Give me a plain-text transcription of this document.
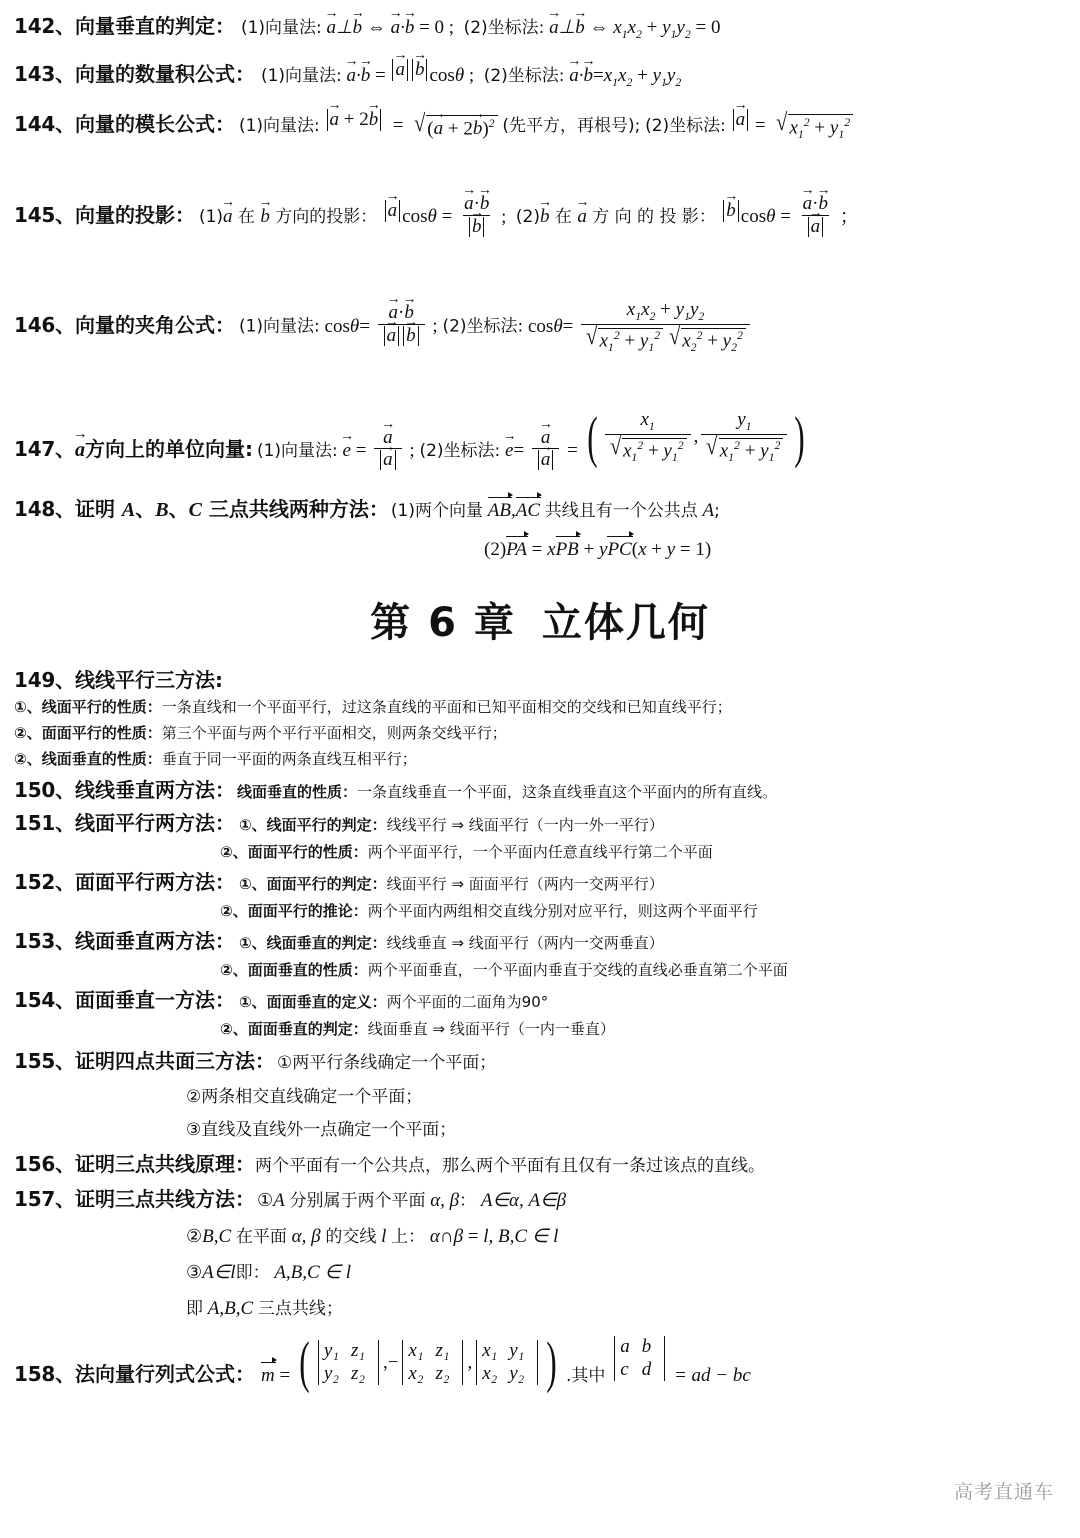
142、 向量垂直的判定： (1)向量法: a →⊥b → ⇔ a →·b → = 0 ;  (2)坐标法: a →⊥b → ⇔ $x_1x_2 + y_1y_2 = 0$
143、 向量的数量积公式： (1)向量法: a →·b → = a → b → cosθ ;  (2)坐标法: $a \to\cdot b \to=x_1x_2 + y_1y_2$
144、 向量的模长公式： (1)向量法: a → + 2 b → = √ (a → + 2b →)$^2$ (先平方，再根号); (2)坐标法: a → = √ $x_1^2 + y_1^2$
145、 向量的投影： (1)a → 在 b → 方向的投影： $a \to \cos\theta = \frac{a \to\cdot b \to}{b}$ → ;  (2)b → 在 a → 方 向 的 投 影： $b \to \cos\theta = \frac{a \to\cdot b \to}{a}$ → ；
146、 向量的夹角公式： (1)向量法: $\cos\theta= \frac{a \to\cdot b \to}{a \to b}$ → ; (2)坐标法: $\cos\theta= x_1x_2 + y_1y_2$
√ $x_1^2 + y_1^2$
√ $x_2^2 + y_2^2$
147、 a →方向上的单位向量: (1)向量法: e → = $\frac{a \to}{a}$ → ; (2)坐标法: $e \to= \frac{a \to}{a}$ → = ( $\frac{x_1}{√ x_1^2 + y_1^2}$ , $\frac{y_1}{√ x_1^2 + y_1^2}$
)
148、 证明 A、B、C 三点共线两种方法： (1)两个向量 AB,AC 共线且有一个公共点 A;
(2)PA = xPB + yPC(x + y = 1)
第 6 章 立体几何
149、 线线平行三方法:
①、 线面平行的性质： 一条直线和一个平面平行，过这条直线的平面和已知平面相交的交线和已知直线平行；
②、 面面平行的性质： 第三个平面与两个平行平面相交，则两条交线平行；
②、 线面垂直的性质： 垂直于同一平面的两条直线互相平行；
150、 线线垂直两方法： 线面垂直的性质： 一条直线垂直一个平面，这条直线垂直这个平面内的所有直线。
151、 线面平行两方法： ①、 线面平行的判定： 线线平行 ⇒ 线面平行（一内一外一平行）
②、 面面平行的性质： 两个平面平行，一个平面内任意直线平行第二个平面
152、 面面平行两方法： ①、 面面平行的判定： 线面平行 ⇒ 面面平行（两内一交两平行）
②、 面面平行的推论： 两个平面内两组相交直线分别对应平行，则这两个平面平行
153、 线面垂直两方法： ①、 线面垂直的判定： 线线垂直 ⇒ 线面平行（两内一交两垂直）
②、 面面垂直的性质： 两个平面垂直，一个平面内垂直于交线的直线必垂直第二个平面
154、 面面垂直一方法： ①、 面面垂直的定义： 两个平面的二面角为90°
②、 面面垂直的判定： 线面垂直 ⇒ 线面平行（一内一垂直）
155、 证明四点共面三方法： ①两平行条线确定一个平面；
②两条相交直线确定一个平面；
③直线及直线外一点确定一个平面；
156、 证明三点共线原理： 两个平面有一个公共点，那么两个平面有且仅有一条过该点的直线。
157、 证明三点共线方法： ①A 分别属于两个平面 α, β： A∈α, A∈β
②B,C 在平面 α, β 的交线 l 上： α∩β = l, B,C ∈ l
③A∈l即： A,B,C ∈ l
即 A,B,C 三点共线；
158、 法向量行列式公式： m =
( y₁	z₁
y₂	z₂
, −
x₁	z₁
x₂	z₂
,
x₁	y₁
x₂	y₂
) .其中
a	b
c	d = ad − bc
高考直通车
